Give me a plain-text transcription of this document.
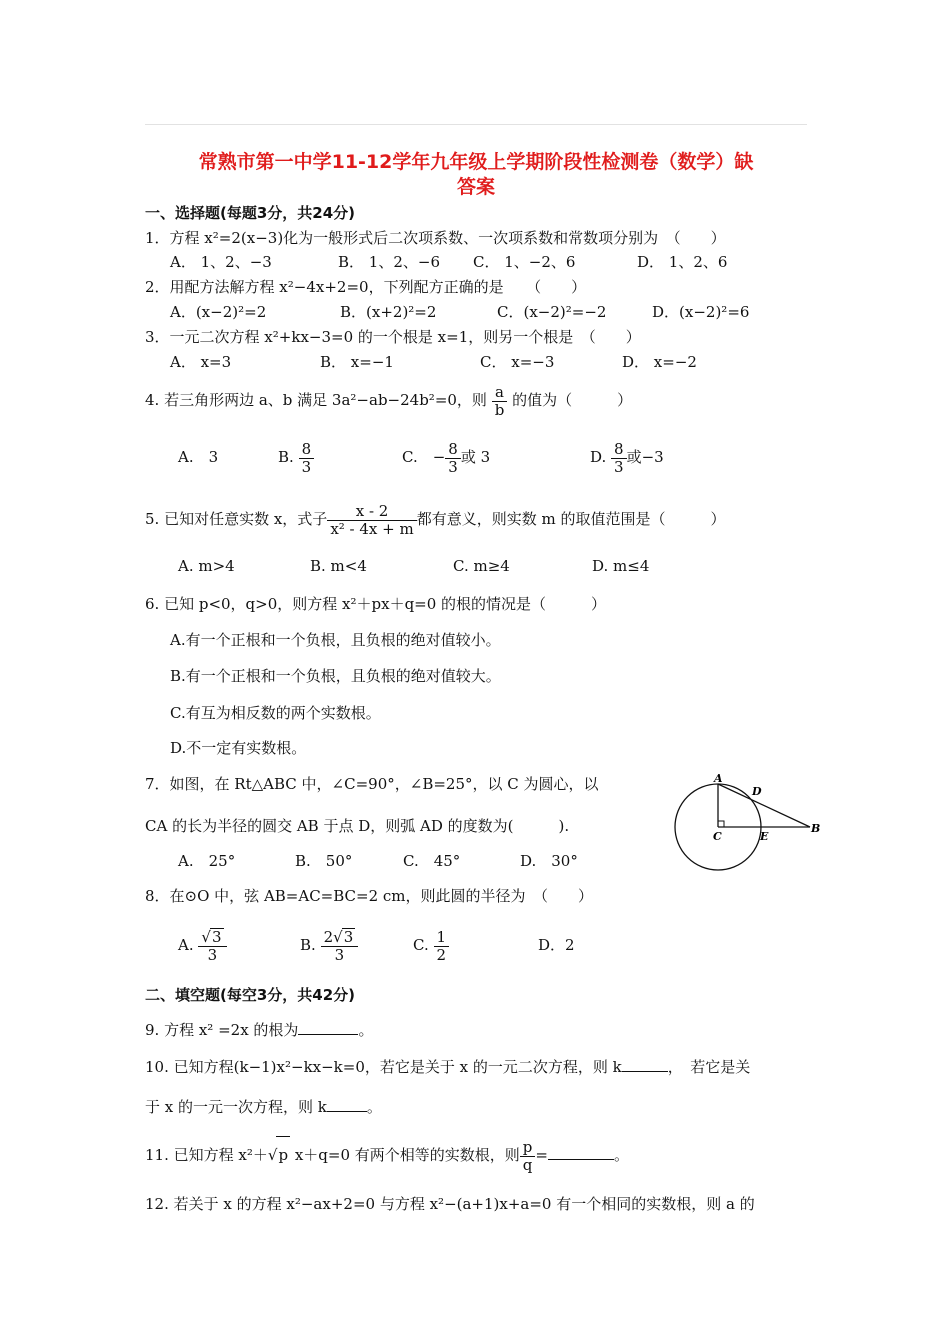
常熟市第一中学11-12学年九年级上学期阶段性检测卷（数学）缺
答案
一、选择题(每题3分，共24分)
1．方程 x²=2(x−3)化为一般形式后二次项系数、一次项系数和常数项分别为　（　　）
A． 1、2、−3	B． 1、2、−6 C． 1、−2、6	D． 1、2、6
2．用配方法解方程 x²−4x+2=0，下列配方正确的是　　（　　）
A．(x−2)²=2	B．(x+2)²=2	C．(x−2)²=−2	D．(x−2)²=6
3．一元二次方程 x²+kx−3=0 的一个根是 x=1，则另一个根是　（　　）
A． x=3	B． x=−1	C． x=−3	D． x=−2
4. 若三角形两边 a、b 满足 3a²−ab−24b²=0，则 $\frac{a}{b}$ 的值为（　　　）
A.　3	B. $\frac{8}{3}$	C.　− $\frac{8}{3}$ 或 3	D. $\frac{8}{3}$ 或−3
5. 已知对任意实数 x，式子 $\frac{x - 2}{\text{x² - 4x + m}}$ 都有意义，则实数 m 的取值范围是（　　　）
A. m>4	B. m<4	C. m≥4	D. m≤4
6. 已知 p<0，q>0，则方程 x²＋px＋q=0 的根的情况是（　　　）
A.有一个正根和一个负根，且负根的绝对值较小。
B.有一个正根和一个负根，且负根的绝对值较大。
C.有互为相反数的两个实数根。
D.不一定有实数根。
7．如图，在 Rt△ABC 中，∠C=90°，∠B=25°，以 C 为圆心，以
CA 的长为半径的圆交 AB 于点 D，则弧 AD 的度数为(　　　).
A.　25°	B.　50°	C.　45°	D.　30°
A
D
C	E
B
8．在⊙O 中，弦 AB=AC=BC=2 cm，则此圆的半径为　（　　）
A. $\frac{√3}{3}$	B. $\frac{2√3}{3}$	C. $\frac{1}{2}$	D．2
二、填空题(每空3分，共42分)
9. 方程 x² =2x 的根为	。
10. 已知方程(k−1)x²−kx−k=0，若它是关于 x 的一元二次方程，则 k	，　若它是关
于 x 的一元一次方程，则 k	。
11. 已知方程 x²＋√p x＋q=0 有两个相等的实数根，则 $\frac{p}{q}$ =	。
12. 若关于 x 的方程 x²−ax+2=0 与方程 x²−(a+1)x+a=0 有一个相同的实数根，则 a 的
